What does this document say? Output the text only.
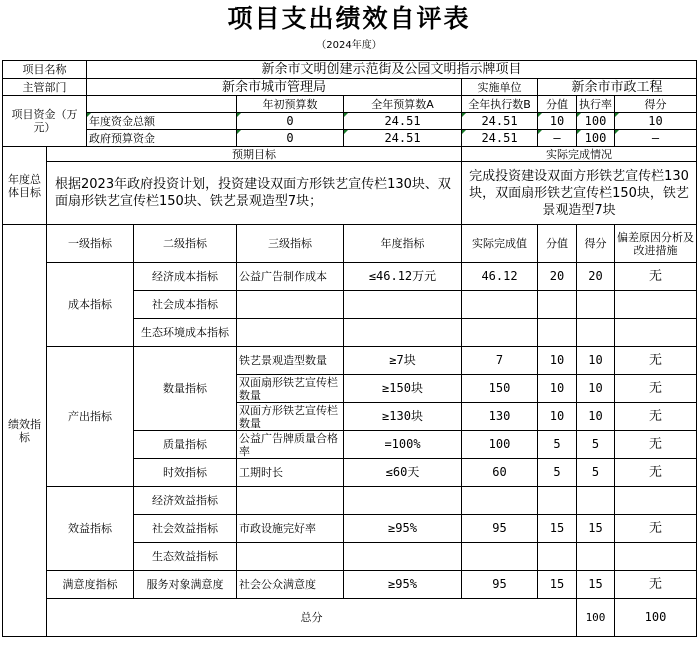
项目支出绩效自评表
（2024年度）
项目名称		新余市文明创建示范街及公园文明指示牌项目								
主管部门		新余市城市管理局				实施单位	新余市市政工程			
项目资金（万元）				年初预算数	全年预算数A	全年执行数B	分值	执行率	得分	
		年度资金总额		0	24.51	24.51	10	100	10	
		政府预算资金		0	24.51	24.51	—	100	—	
年度总体目标	预期目标					实际完成情况				
	根据2023年政府投资计划，投资建设双面方形铁艺宣传栏130块、双面扇形铁艺宣传栏150块、铁艺景观造型7块；					完成投资建设双面方形铁艺宣传栏130块，双面扇形铁艺宣传栏150块，铁艺景观造型7块				
绩效指标	一级指标		二级指标	三级指标	年度指标	实际完成值	分值	得分	偏差原因分析及改进措施	
	成本指标		经济成本指标	公益广告制作成本	≤46.12万元	46.12	20	20	无	
			社会成本指标							
			生态环境成本指标							
	产出指标		数量指标	铁艺景观造型数量	≥7块	7	10	10	无	
				双面扇形铁艺宣传栏数量	≥150块	150	10	10	无	
				双面方形铁艺宣传栏数量	≥130块	130	10	10	无	
			质量指标	公益广告牌质量合格率	=100%	100	5	5	无	
			时效指标	工期时长	≤60天	60	5	5	无	
	效益指标		经济效益指标							
			社会效益指标	市政设施完好率	≥95%	95	15	15	无	
			生态效益指标							
	满意度指标		服务对象满意度	社会公众满意度	≥95%	95	15	15	无	
	总分							100	100	
